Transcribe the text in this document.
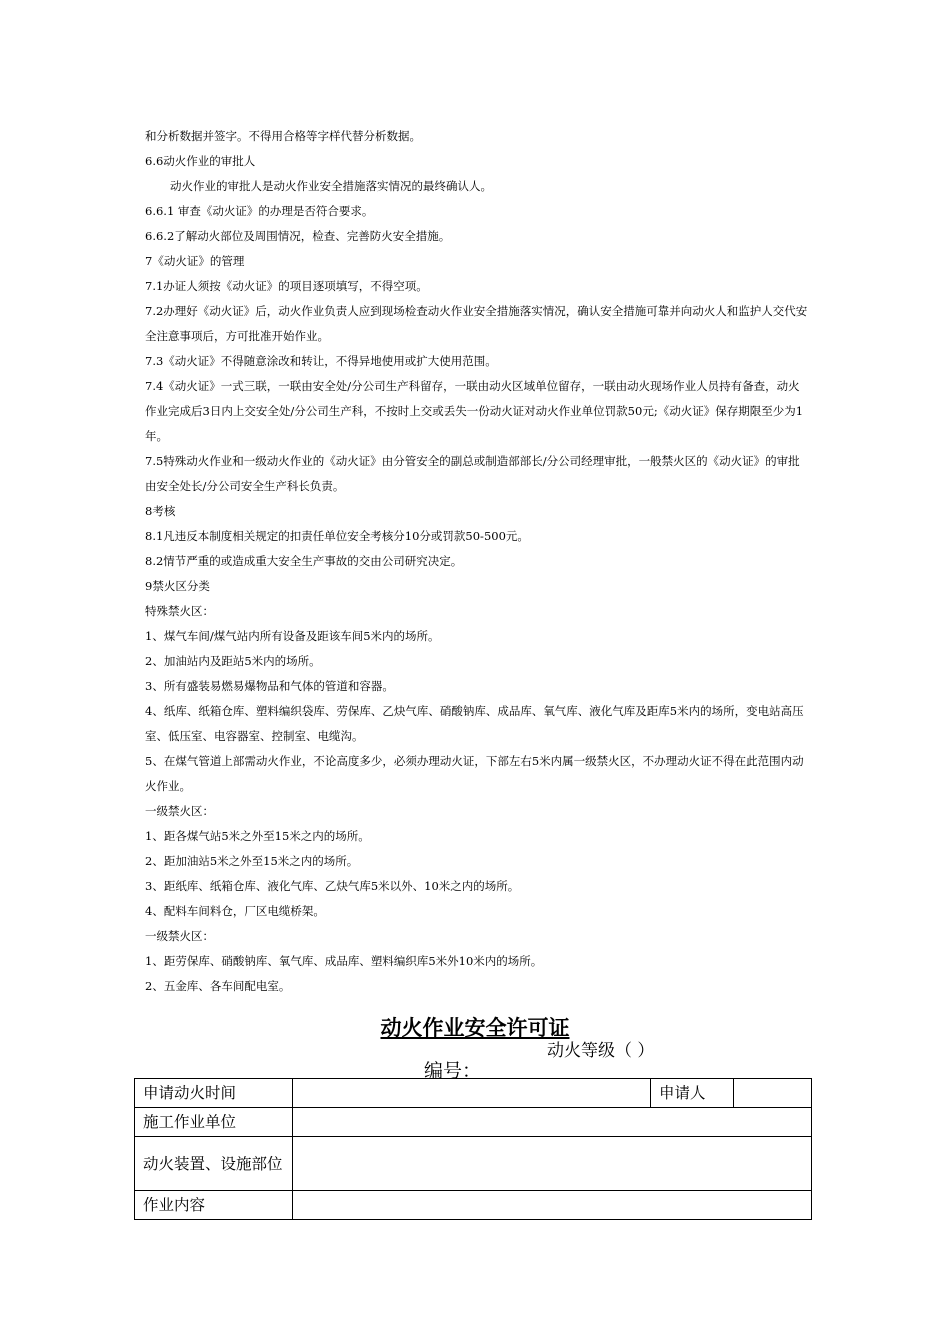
和分析数据并签字。不得用合格等字样代替分析数据。

6.6动火作业的审批人

动火作业的审批人是动火作业安全措施落实情况的最终确认人。

6.6.1 审查《动火证》的办理是否符合要求。

6.6.2了解动火部位及周围情况，检查、完善防火安全措施。

7《动火证》的管理

7.1办证人须按《动火证》的项目逐项填写，不得空项。

7.2办理好《动火证》后，动火作业负责人应到现场检查动火作业安全措施落实情况，确认安全措施可靠并向动火人和监护人交代安全注意事项后，方可批准开始作业。

7.3《动火证》不得随意涂改和转让，不得异地使用或扩大使用范围。

7.4《动火证》一式三联，一联由安全处/分公司生产科留存，一联由动火区域单位留存，一联由动火现场作业人员持有备查，动火作业完成后3日内上交安全处/分公司生产科，不按时上交或丢失一份动火证对动火作业单位罚款50元;《动火证》保存期限至少为1年。

7.5特殊动火作业和一级动火作业的《动火证》由分管安全的副总或制造部部长/分公司经理审批，一般禁火区的《动火证》的审批由安全处长/分公司安全生产科长负责。

8考核

8.1凡违反本制度相关规定的扣责任单位安全考核分10分或罚款50-500元。

8.2情节严重的或造成重大安全生产事故的交由公司研究决定。

9禁火区分类

特殊禁火区：

1、煤气车间/煤气站内所有设备及距该车间5米内的场所。

2、加油站内及距站5米内的场所。

3、所有盛装易燃易爆物品和气体的管道和容器。

4、纸库、纸箱仓库、塑料编织袋库、劳保库、乙炔气库、硝酸钠库、成品库、氧气库、液化气库及距库5米内的场所，变电站高压室、低压室、电容器室、控制室、电缆沟。

5、在煤气管道上部需动火作业，不论高度多少，必须办理动火证，下部左右5米内属一级禁火区，不办理动火证不得在此范围内动火作业。

一级禁火区：

1、距各煤气站5米之外至15米之内的场所。

2、距加油站5米之外至15米之内的场所。

3、距纸库、纸箱仓库、液化气库、乙炔气库5米以外、10米之内的场所。

4、配料车间料仓，厂区电缆桥架。

一级禁火区：

1、距劳保库、硝酸钠库、氧气库、成品库、塑料编织库5米外10米内的场所。

2、五金库、各车间配电室。

动火作业安全许可证
动火等级（ ）
编号：
申请动火时间		申请人	
施工作业单位			
动火装置、设施部位			
作业内容			
